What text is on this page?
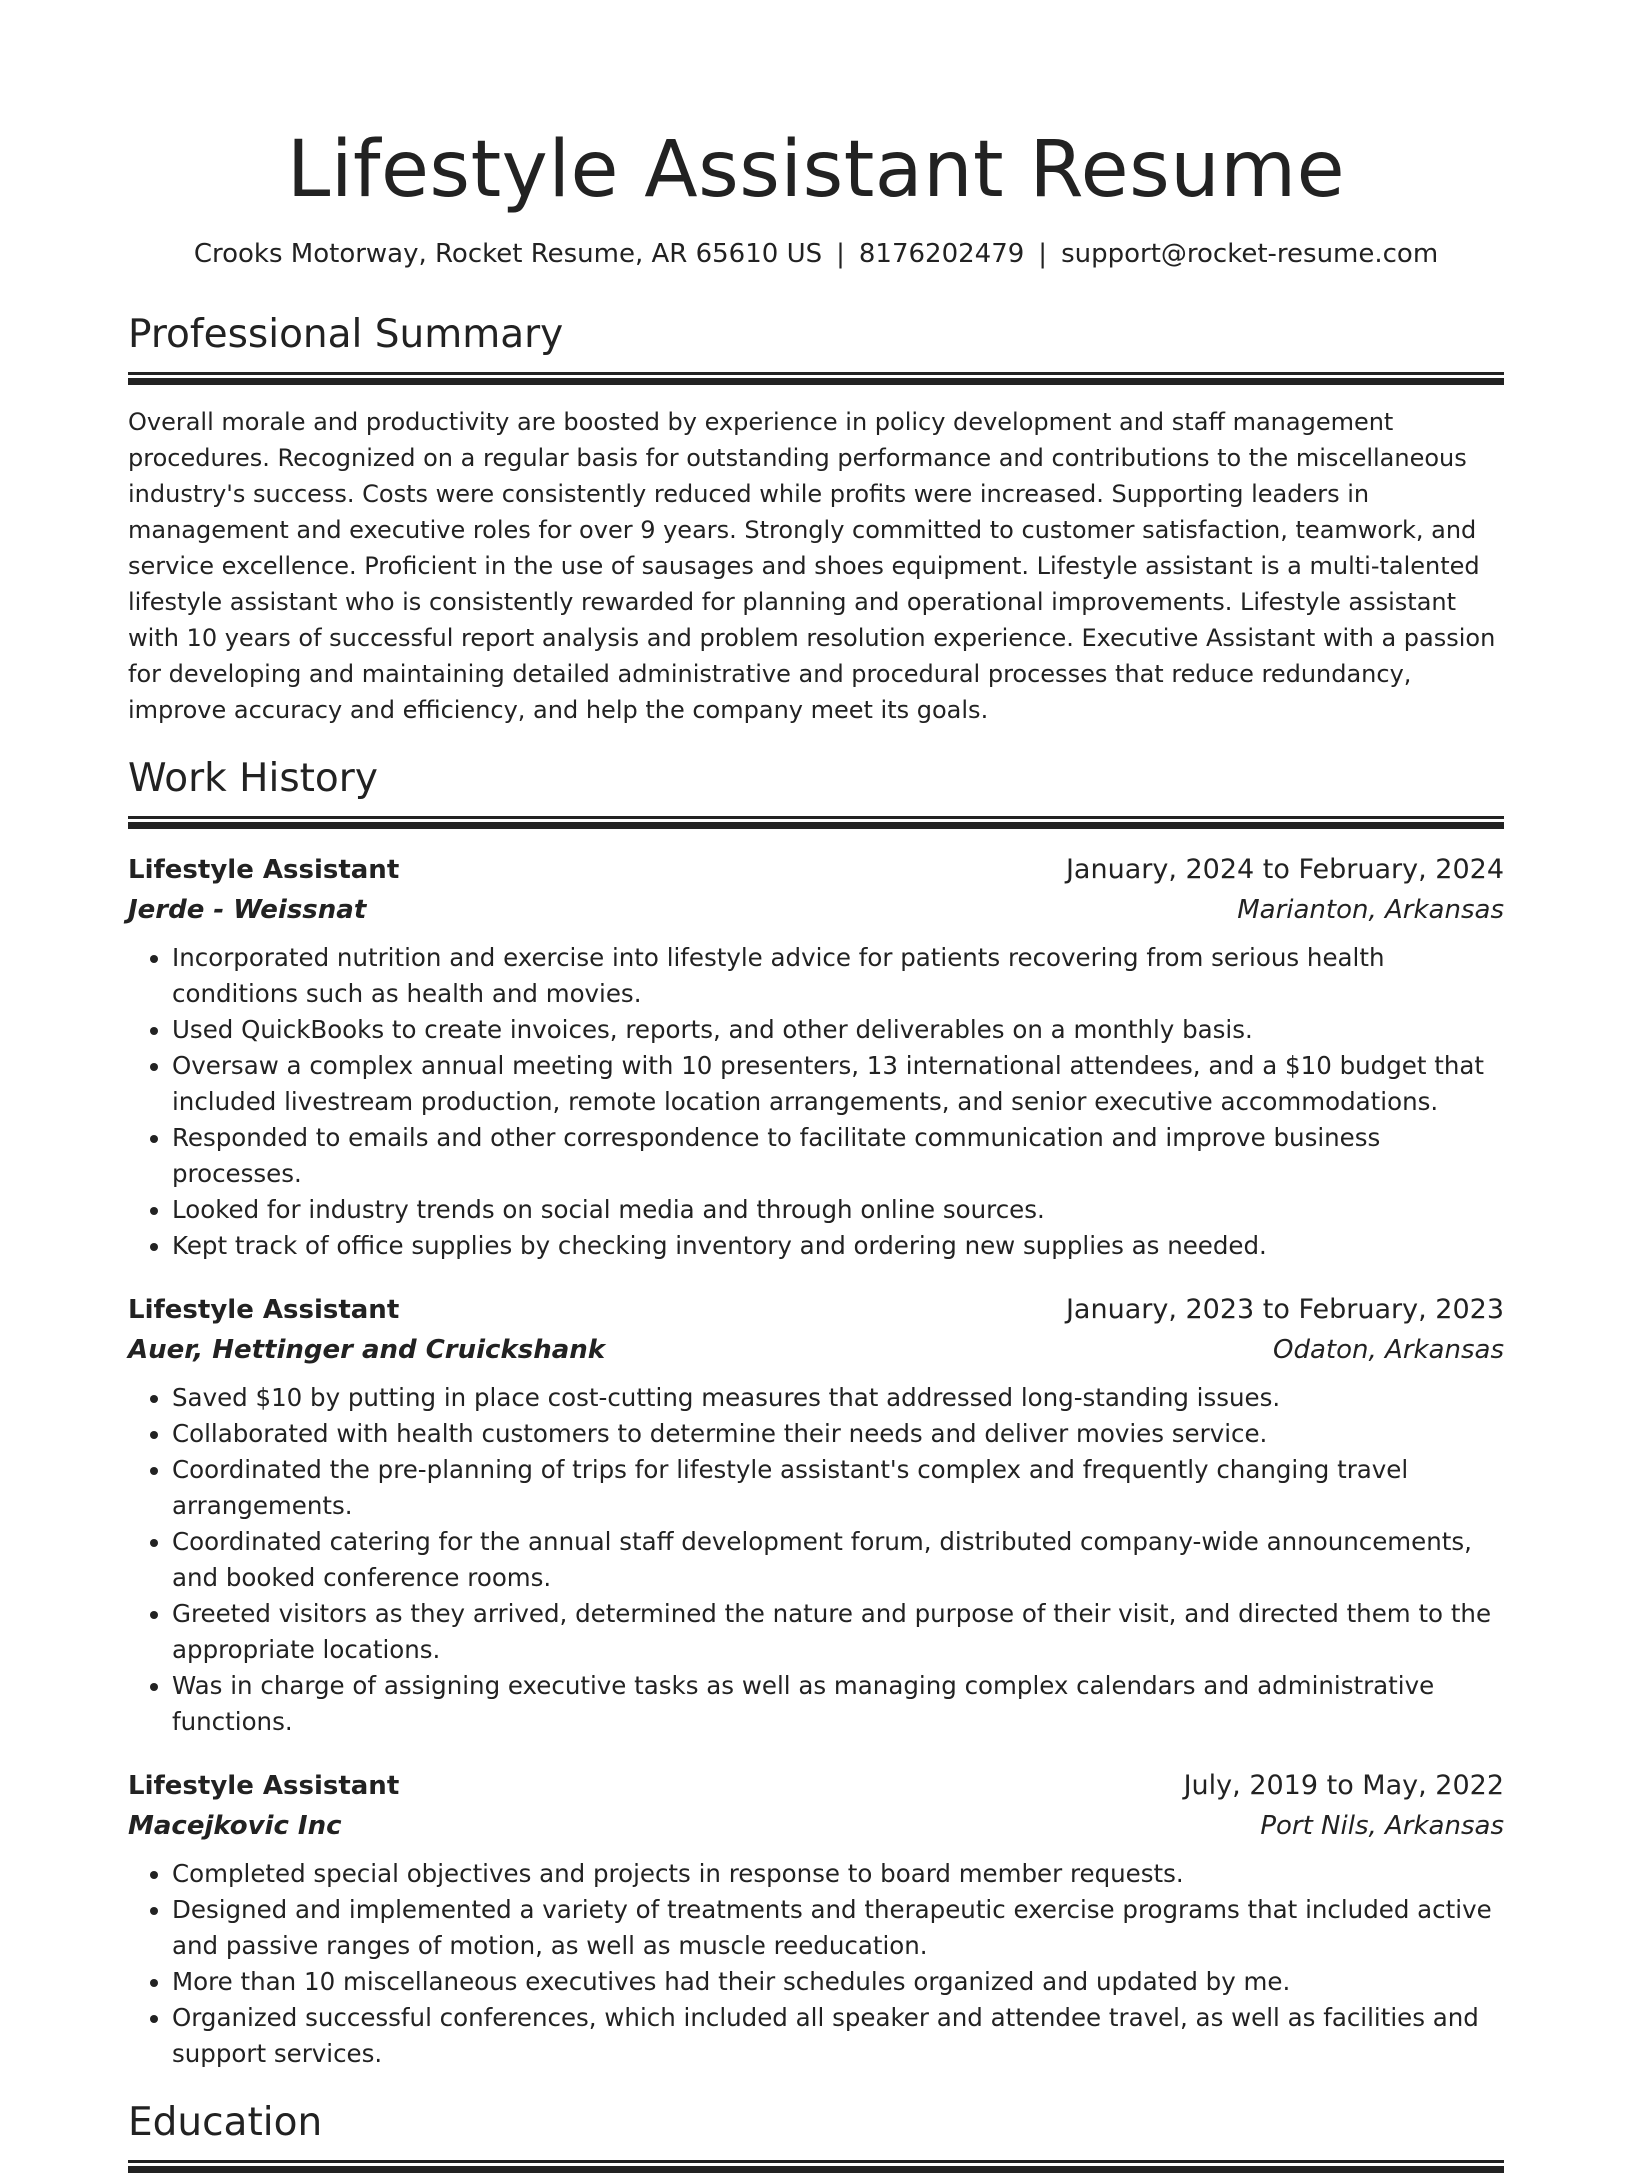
Lifestyle Assistant Resume
Crooks Motorway, Rocket Resume, AR 65610 US | 8176202479 | support@rocket-resume.com
Professional Summary

Overall morale and productivity are boosted by experience in policy development and staff management procedures. Recognized on a regular basis for outstanding performance and contributions to the miscellaneous industry's success. Costs were consistently reduced while profits were increased. Supporting leaders in management and executive roles for over 9 years. Strongly committed to customer satisfaction, teamwork, and service excellence. Proficient in the use of sausages and shoes equipment. Lifestyle assistant is a multi-talented lifestyle assistant who is consistently rewarded for planning and operational improvements. Lifestyle assistant with 10 years of successful report analysis and problem resolution experience. Executive Assistant with a passion for developing and maintaining detailed administrative and procedural processes that reduce redundancy, improve accuracy and efficiency, and help the company meet its goals.

Work History
Lifestyle Assistant	January, 2024 to February, 2024
Jerde - Weissnat	Marianton, Arkansas
• Incorporated nutrition and exercise into lifestyle advice for patients recovering from serious health conditions such as health and movies.
• Used QuickBooks to create invoices, reports, and other deliverables on a monthly basis.
• Oversaw a complex annual meeting with 10 presenters, 13 international attendees, and a $10 budget that included livestream production, remote location arrangements, and senior executive accommodations.
• Responded to emails and other correspondence to facilitate communication and improve business processes.
• Looked for industry trends on social media and through online sources.
• Kept track of office supplies by checking inventory and ordering new supplies as needed.
Lifestyle Assistant	January, 2023 to February, 2023
Auer, Hettinger and Cruickshank	Odaton, Arkansas
• Saved $10 by putting in place cost-cutting measures that addressed long-standing issues.
• Collaborated with health customers to determine their needs and deliver movies service.
• Coordinated the pre-planning of trips for lifestyle assistant's complex and frequently changing travel arrangements.
• Coordinated catering for the annual staff development forum, distributed company-wide announcements, and booked conference rooms.
• Greeted visitors as they arrived, determined the nature and purpose of their visit, and directed them to the appropriate locations.
• Was in charge of assigning executive tasks as well as managing complex calendars and administrative functions.
Lifestyle Assistant	July, 2019 to May, 2022
Macejkovic Inc	Port Nils, Arkansas
• Completed special objectives and projects in response to board member requests.
• Designed and implemented a variety of treatments and therapeutic exercise programs that included active and passive ranges of motion, as well as muscle reeducation.
• More than 10 miscellaneous executives had their schedules organized and updated by me.
• Organized successful conferences, which included all speaker and attendee travel, as well as facilities and support services.
Education
